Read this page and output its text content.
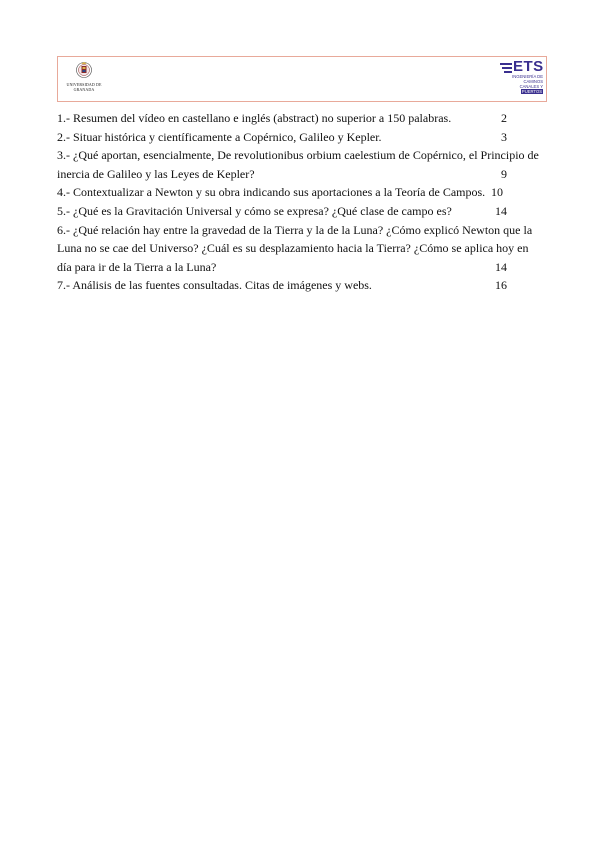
UNIVERSIDAD DE GRANADA
ETS
INGENIERÍA DE
CAMINOS
CANALES Y
PUERTOS
1.- Resumen del vídeo en castellano e inglés (abstract) no superior a 150 palabras.	2
2.- Situar histórica y científicamente a Copérnico, Galileo y Kepler.	3
3.- ¿Qué aportan, esencialmente, De revolutionibus orbium caelestium de Copérnico, el Principio de inercia de Galileo y las Leyes de Kepler?	9
4.- Contextualizar a Newton y su obra indicando sus aportaciones a la Teoría de Campos. 10
5.- ¿Qué es la Gravitación Universal y cómo se expresa? ¿Qué clase de campo es?	14
6.- ¿Qué relación hay entre la gravedad de la Tierra y la de la Luna? ¿Cómo explicó Newton que la Luna no se cae del Universo? ¿Cuál es su desplazamiento hacia la Tierra? ¿Cómo se aplica hoy en día para ir de la Tierra a la Luna?	14
7.- Análisis de las fuentes consultadas. Citas de imágenes y webs.	16
